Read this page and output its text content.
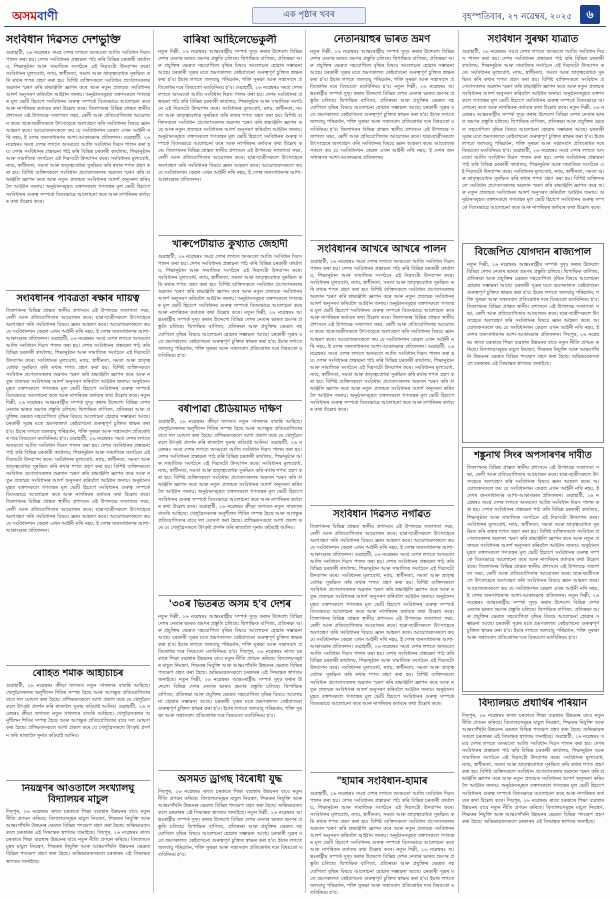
অসমবাণী	এক পৃষ্ঠাৰ খবৰ	বৃহস্পতিবাৰ, ২৭ নৱেম্বৰ, ২০২৫	৬
সংবিধান দিৱসত দেশভুক্তি
গুৱাহাটী, ২৬ নৱেম্বৰঃ সমগ্ৰ দেশৰ লগতে অসমতো আজি সংবিধান দিৱস পালন কৰা হয়। দেশৰ সংবিধানৰ প্ৰস্তাৱনা পাঠ কৰি বিভিন্ন চৰকাৰী কাৰ্যালয়, শিক্ষানুষ্ঠান আৰু সামাজিক সংগঠনে এই দিৱসটো উদযাপন কৰে। সংবিধানৰ মূল্যবোধ, ন্যায়, স্বাধীনতা, সমতা আৰু ভ্ৰাতৃত্ববোধক সুৰক্ষিত কৰি ৰখাৰ শপত গ্ৰহণ কৰা হয়। বিশিষ্ট ব্যক্তিসকলে সংবিধান প্ৰণেতাসকলৰ অৱদান স্মৰণ কৰি শ্ৰদ্ধাঞ্জলি জ্ঞাপন কৰে আৰু নতুন প্ৰজন্মক সংবিধানৰ আদৰ্শ অনুসৰণ কৰিবলৈ আহ্বান জনায়। অনুষ্ঠানসমূহত বক্তাসকলে গণতন্ত্ৰৰ মূল ভেটি হিচাপে সংবিধানৰ গুৰুত্ব সম্পৰ্কে বিতংভাৱে আলোচনা কৰে আৰু নাগৰিকৰ কৰ্তব্যৰ কথা উল্লেখ কৰে। জিলাখনৰ বিভিন্ন প্ৰান্তত স্থানীয় প্ৰশাসনে এই উপলক্ষে সজাগতা সভা, ৰেলী আৰু প্ৰতিযোগিতাৰ আয়োজন কৰে। ছাত্ৰ-ছাত্ৰীসকলে উৎসাহেৰে অংশগ্ৰহণ কৰি সংবিধানৰ বিষয়ে জ্ঞান আহৰণ কৰে। আয়োজকসকলে কয় যে সংবিধানখন কেৱল এখন আইনী নথি নহয়, ই দেশৰ জনসাধাৰণৰ আশা-আকাংক্ষাৰ প্ৰতিফলন। গুৱাহাটী, ২৬ নৱেম্বৰঃ সমগ্ৰ দেশৰ লগতে অসমতো আজি সংবিধান দিৱস পালন কৰা হয়। দেশৰ সংবিধানৰ প্ৰস্তাৱনা পাঠ কৰি বিভিন্ন চৰকাৰী কাৰ্যালয়, শিক্ষানুষ্ঠান আৰু সামাজিক সংগঠনে এই দিৱসটো উদযাপন কৰে। সংবিধানৰ মূল্যবোধ, ন্যায়, স্বাধীনতা, সমতা আৰু ভ্ৰাতৃত্ববোধক সুৰক্ষিত কৰি ৰখাৰ শপত গ্ৰহণ কৰা হয়। বিশিষ্ট ব্যক্তিসকলে সংবিধান প্ৰণেতাসকলৰ অৱদান স্মৰণ কৰি শ্ৰদ্ধাঞ্জলি জ্ঞাপন কৰে আৰু নতুন প্ৰজন্মক সংবিধানৰ আদৰ্শ অনুসৰণ কৰিবলৈ আহ্বান জনায়। অনুষ্ঠানসমূহত বক্তাসকলে গণতন্ত্ৰৰ মূল ভেটি হিচাপে সংবিধানৰ গুৰুত্ব সম্পৰ্কে বিতংভাৱে আলোচনা কৰে আৰু নাগৰিকৰ কৰ্তব্যৰ কথা উল্লেখ কৰে।
সংবিধানৰ পবিত্ৰতা ৰক্ষাৰ দায়িত্ব
জিলাখনৰ বিভিন্ন প্ৰান্তত স্থানীয় প্ৰশাসনে এই উপলক্ষে সজাগতা সভা, ৰেলী আৰু প্ৰতিযোগিতাৰ আয়োজন কৰে। ছাত্ৰ-ছাত্ৰীসকলে উৎসাহেৰে অংশগ্ৰহণ কৰি সংবিধানৰ বিষয়ে জ্ঞান আহৰণ কৰে। আয়োজকসকলে কয় যে সংবিধানখন কেৱল এখন আইনী নথি নহয়, ই দেশৰ জনসাধাৰণৰ আশা-আকাংক্ষাৰ প্ৰতিফলন। গুৱাহাটী, ২৬ নৱেম্বৰঃ সমগ্ৰ দেশৰ লগতে অসমতো আজি সংবিধান দিৱস পালন কৰা হয়। দেশৰ সংবিধানৰ প্ৰস্তাৱনা পাঠ কৰি বিভিন্ন চৰকাৰী কাৰ্যালয়, শিক্ষানুষ্ঠান আৰু সামাজিক সংগঠনে এই দিৱসটো উদযাপন কৰে। সংবিধানৰ মূল্যবোধ, ন্যায়, স্বাধীনতা, সমতা আৰু ভ্ৰাতৃত্ববোধক সুৰক্ষিত কৰি ৰখাৰ শপত গ্ৰহণ কৰা হয়। বিশিষ্ট ব্যক্তিসকলে সংবিধান প্ৰণেতাসকলৰ অৱদান স্মৰণ কৰি শ্ৰদ্ধাঞ্জলি জ্ঞাপন কৰে আৰু নতুন প্ৰজন্মক সংবিধানৰ আদৰ্শ অনুসৰণ কৰিবলৈ আহ্বান জনায়। অনুষ্ঠানসমূহত বক্তাসকলে গণতন্ত্ৰৰ মূল ভেটি হিচাপে সংবিধানৰ গুৰুত্ব সম্পৰ্কে বিতংভাৱে আলোচনা কৰে আৰু নাগৰিকৰ কৰ্তব্যৰ কথা উল্লেখ কৰে। নতুন দিল্লী, ২৬ নৱেম্বৰঃ আন্তঃৰাষ্ট্ৰীয় সম্পৰ্ক সুদৃঢ় কৰাৰ উদ্দেশ্যে বিভিন্ন দেশৰ নেতাৰ ভাৰত ভ্ৰমণৰ প্ৰস্তুতি চলিছে। দ্বিপাক্ষিক বাণিজ্য, প্ৰতিৰক্ষা আৰু প্ৰযুক্তিৰ ক্ষেত্ৰত সহযোগিতা বৃদ্ধিৰ বিষয়ে আলোচনা হোৱাৰ সম্ভাৱনা আছে। চৰকাৰী সূত্ৰৰ মতে ভ্ৰমণকালত কেইবাখনো গুৰুত্বপূৰ্ণ চুক্তিত স্বাক্ষৰ কৰা হ'ব। ইয়াৰ লগতে জলবায়ু পৰিৱৰ্তন, শক্তি সুৰক্ষা আৰু সন্ত্ৰাসবাদ প্ৰতিৰোধৰ দৰে বিষয়তো মতবিনিময় হ'ব। গুৱাহাটী, ২৬ নৱেম্বৰঃ সমগ্ৰ দেশৰ লগতে অসমতো আজি সংবিধান দিৱস পালন কৰা হয়। দেশৰ সংবিধানৰ প্ৰস্তাৱনা পাঠ কৰি বিভিন্ন চৰকাৰী কাৰ্যালয়, শিক্ষানুষ্ঠান আৰু সামাজিক সংগঠনে এই দিৱসটো উদযাপন কৰে। সংবিধানৰ মূল্যবোধ, ন্যায়, স্বাধীনতা, সমতা আৰু ভ্ৰাতৃত্ববোধক সুৰক্ষিত কৰি ৰখাৰ শপত গ্ৰহণ কৰা হয়। বিশিষ্ট ব্যক্তিসকলে সংবিধান প্ৰণেতাসকলৰ অৱদান স্মৰণ কৰি শ্ৰদ্ধাঞ্জলি জ্ঞাপন কৰে আৰু নতুন প্ৰজন্মক সংবিধানৰ আদৰ্শ অনুসৰণ কৰিবলৈ আহ্বান জনায়। অনুষ্ঠানসমূহত বক্তাসকলে গণতন্ত্ৰৰ মূল ভেটি হিচাপে সংবিধানৰ গুৰুত্ব সম্পৰ্কে বিতংভাৱে আলোচনা কৰে আৰু নাগৰিকৰ কৰ্তব্যৰ কথা উল্লেখ কৰে। জিলাখনৰ বিভিন্ন প্ৰান্তত স্থানীয় প্ৰশাসনে এই উপলক্ষে সজাগতা সভা, ৰেলী আৰু প্ৰতিযোগিতাৰ আয়োজন কৰে। ছাত্ৰ-ছাত্ৰীসকলে উৎসাহেৰে অংশগ্ৰহণ কৰি সংবিধানৰ বিষয়ে জ্ঞান আহৰণ কৰে। আয়োজকসকলে কয় যে সংবিধানখন কেৱল এখন আইনী নথি নহয়, ই দেশৰ জনসাধাৰণৰ আশা-আকাংক্ষাৰ প্ৰতিফলন।
ৰোহিত শৰ্মাক আইচিচিৰ
গুৱাহাটী, ২৬ নৱেম্বৰঃ ক্ৰীড়া জগতত নতুন সাফল্যৰ বাতৰি আহিছে। খেলুৱৈসকলৰ অনুশীলন শিবিৰ সম্পন্ন হৈছে আৰু আগন্তুক প্ৰতিযোগিতাৰ বাবে দল ঘোষণা কৰা হৈছে। প্ৰশিক্ষকসকলে আশা প্ৰকাশ কৰে যে খেলুৱৈসকলে উৎকৃষ্ট প্ৰদৰ্শন কৰি ৰাজ্যলৈ সুনাম কঢ়িয়াই আনিব। গুৱাহাটী, ২৬ নৱেম্বৰঃ ক্ৰীড়া জগতত নতুন সাফল্যৰ বাতৰি আহিছে। খেলুৱৈসকলৰ অনুশীলন শিবিৰ সম্পন্ন হৈছে আৰু আগন্তুক প্ৰতিযোগিতাৰ বাবে দল ঘোষণা কৰা হৈছে। প্ৰশিক্ষকসকলে আশা প্ৰকাশ কৰে যে খেলুৱৈসকলে উৎকৃষ্ট প্ৰদৰ্শন কৰি ৰাজ্যলৈ সুনাম কঢ়িয়াই আনিব।
নিয়ন্ত্ৰণৰ আওতালৈ সংখ্যালঘু বিদ্যালয়ৰ মাচুল
দিছপুৰ, ২৬ নৱেম্বৰঃ ৰাজ্য চৰকাৰে শিক্ষা ব্যৱস্থাৰ উন্নয়নৰ বাবে নতুন নীতি প্ৰণয়ন কৰিছে। বিদ্যালয়সমূহৰ মাচুল নিয়ন্ত্ৰণ, শিক্ষকৰ নিযুক্তি আৰু আন্তঃগাঁথনি উন্নয়নৰ ক্ষেত্ৰত বিভিন্ন পদক্ষেপ গ্ৰহণ কৰা হৈছে। অভিভাৱকসকলে চৰকাৰৰ এই সিদ্ধান্তক স্বাগতম জনাইছে। দিছপুৰ, ২৬ নৱেম্বৰঃ ৰাজ্য চৰকাৰে শিক্ষা ব্যৱস্থাৰ উন্নয়নৰ বাবে নতুন নীতি প্ৰণয়ন কৰিছে। বিদ্যালয়সমূহৰ মাচুল নিয়ন্ত্ৰণ, শিক্ষকৰ নিযুক্তি আৰু আন্তঃগাঁথনি উন্নয়নৰ ক্ষেত্ৰত বিভিন্ন পদক্ষেপ গ্ৰহণ কৰা হৈছে। অভিভাৱকসকলে চৰকাৰৰ এই সিদ্ধান্তক স্বাগতম জনাইছে।
বাৰিষা আহিলেভেকুলী
নতুন দিল্লী, ২৬ নৱেম্বৰঃ আন্তঃৰাষ্ট্ৰীয় সম্পৰ্ক সুদৃঢ় কৰাৰ উদ্দেশ্যে বিভিন্ন দেশৰ নেতাৰ ভাৰত ভ্ৰমণৰ প্ৰস্তুতি চলিছে। দ্বিপাক্ষিক বাণিজ্য, প্ৰতিৰক্ষা আৰু প্ৰযুক্তিৰ ক্ষেত্ৰত সহযোগিতা বৃদ্ধিৰ বিষয়ে আলোচনা হোৱাৰ সম্ভাৱনা আছে। চৰকাৰী সূত্ৰৰ মতে ভ্ৰমণকালত কেইবাখনো গুৰুত্বপূৰ্ণ চুক্তিত স্বাক্ষৰ কৰা হ'ব। ইয়াৰ লগতে জলবায়ু পৰিৱৰ্তন, শক্তি সুৰক্ষা আৰু সন্ত্ৰাসবাদ প্ৰতিৰোধৰ দৰে বিষয়তো মতবিনিময় হ'ব। গুৱাহাটী, ২৬ নৱেম্বৰঃ সমগ্ৰ দেশৰ লগতে অসমতো আজি সংবিধান দিৱস পালন কৰা হয়। দেশৰ সংবিধানৰ প্ৰস্তাৱনা পাঠ কৰি বিভিন্ন চৰকাৰী কাৰ্যালয়, শিক্ষানুষ্ঠান আৰু সামাজিক সংগঠনে এই দিৱসটো উদযাপন কৰে। সংবিধানৰ মূল্যবোধ, ন্যায়, স্বাধীনতা, সমতা আৰু ভ্ৰাতৃত্ববোধক সুৰক্ষিত কৰি ৰখাৰ শপত গ্ৰহণ কৰা হয়। বিশিষ্ট ব্যক্তিসকলে সংবিধান প্ৰণেতাসকলৰ অৱদান স্মৰণ কৰি শ্ৰদ্ধাঞ্জলি জ্ঞাপন কৰে আৰু নতুন প্ৰজন্মক সংবিধানৰ আদৰ্শ অনুসৰণ কৰিবলৈ আহ্বান জনায়। অনুষ্ঠানসমূহত বক্তাসকলে গণতন্ত্ৰৰ মূল ভেটি হিচাপে সংবিধানৰ গুৰুত্ব সম্পৰ্কে বিতংভাৱে আলোচনা কৰে আৰু নাগৰিকৰ কৰ্তব্যৰ কথা উল্লেখ কৰে। জিলাখনৰ বিভিন্ন প্ৰান্তত স্থানীয় প্ৰশাসনে এই উপলক্ষে সজাগতা সভা, ৰেলী আৰু প্ৰতিযোগিতাৰ আয়োজন কৰে। ছাত্ৰ-ছাত্ৰীসকলে উৎসাহেৰে অংশগ্ৰহণ কৰি সংবিধানৰ বিষয়ে জ্ঞান আহৰণ কৰে। আয়োজকসকলে কয় যে সংবিধানখন কেৱল এখন আইনী নথি নহয়, ই দেশৰ জনসাধাৰণৰ আশা-আকাংক্ষাৰ প্ৰতিফলন।
খাৰুপেটীয়াত কুখ্যাত জেহাদী
গুৱাহাটী, ২৬ নৱেম্বৰঃ সমগ্ৰ দেশৰ লগতে অসমতো আজি সংবিধান দিৱস পালন কৰা হয়। দেশৰ সংবিধানৰ প্ৰস্তাৱনা পাঠ কৰি বিভিন্ন চৰকাৰী কাৰ্যালয়, শিক্ষানুষ্ঠান আৰু সামাজিক সংগঠনে এই দিৱসটো উদযাপন কৰে। সংবিধানৰ মূল্যবোধ, ন্যায়, স্বাধীনতা, সমতা আৰু ভ্ৰাতৃত্ববোধক সুৰক্ষিত কৰি ৰখাৰ শপত গ্ৰহণ কৰা হয়। বিশিষ্ট ব্যক্তিসকলে সংবিধান প্ৰণেতাসকলৰ অৱদান স্মৰণ কৰি শ্ৰদ্ধাঞ্জলি জ্ঞাপন কৰে আৰু নতুন প্ৰজন্মক সংবিধানৰ আদৰ্শ অনুসৰণ কৰিবলৈ আহ্বান জনায়। অনুষ্ঠানসমূহত বক্তাসকলে গণতন্ত্ৰৰ মূল ভেটি হিচাপে সংবিধানৰ গুৰুত্ব সম্পৰ্কে বিতংভাৱে আলোচনা কৰে আৰু নাগৰিকৰ কৰ্তব্যৰ কথা উল্লেখ কৰে। নতুন দিল্লী, ২৬ নৱেম্বৰঃ আন্তঃৰাষ্ট্ৰীয় সম্পৰ্ক সুদৃঢ় কৰাৰ উদ্দেশ্যে বিভিন্ন দেশৰ নেতাৰ ভাৰত ভ্ৰমণৰ প্ৰস্তুতি চলিছে। দ্বিপাক্ষিক বাণিজ্য, প্ৰতিৰক্ষা আৰু প্ৰযুক্তিৰ ক্ষেত্ৰত সহযোগিতা বৃদ্ধিৰ বিষয়ে আলোচনা হোৱাৰ সম্ভাৱনা আছে। চৰকাৰী সূত্ৰৰ মতে ভ্ৰমণকালত কেইবাখনো গুৰুত্বপূৰ্ণ চুক্তিত স্বাক্ষৰ কৰা হ'ব। ইয়াৰ লগতে জলবায়ু পৰিৱৰ্তন, শক্তি সুৰক্ষা আৰু সন্ত্ৰাসবাদ প্ৰতিৰোধৰ দৰে বিষয়তো মতবিনিময় হ'ব।
বৰ্ষাপাৱা ষ্টেডিয়ামত দক্ষিণ
গুৱাহাটী, ২৬ নৱেম্বৰঃ ক্ৰীড়া জগতত নতুন সাফল্যৰ বাতৰি আহিছে। খেলুৱৈসকলৰ অনুশীলন শিবিৰ সম্পন্ন হৈছে আৰু আগন্তুক প্ৰতিযোগিতাৰ বাবে দল ঘোষণা কৰা হৈছে। প্ৰশিক্ষকসকলে আশা প্ৰকাশ কৰে যে খেলুৱৈসকলে উৎকৃষ্ট প্ৰদৰ্শন কৰি ৰাজ্যলৈ সুনাম কঢ়িয়াই আনিব। গুৱাহাটী, ২৬ নৱেম্বৰঃ সমগ্ৰ দেশৰ লগতে অসমতো আজি সংবিধান দিৱস পালন কৰা হয়। দেশৰ সংবিধানৰ প্ৰস্তাৱনা পাঠ কৰি বিভিন্ন চৰকাৰী কাৰ্যালয়, শিক্ষানুষ্ঠান আৰু সামাজিক সংগঠনে এই দিৱসটো উদযাপন কৰে। সংবিধানৰ মূল্যবোধ, ন্যায়, স্বাধীনতা, সমতা আৰু ভ্ৰাতৃত্ববোধক সুৰক্ষিত কৰি ৰখাৰ শপত গ্ৰহণ কৰা হয়। বিশিষ্ট ব্যক্তিসকলে সংবিধান প্ৰণেতাসকলৰ অৱদান স্মৰণ কৰি শ্ৰদ্ধাঞ্জলি জ্ঞাপন কৰে আৰু নতুন প্ৰজন্মক সংবিধানৰ আদৰ্শ অনুসৰণ কৰিবলৈ আহ্বান জনায়। অনুষ্ঠানসমূহত বক্তাসকলে গণতন্ত্ৰৰ মূল ভেটি হিচাপে সংবিধানৰ গুৰুত্ব সম্পৰ্কে বিতংভাৱে আলোচনা কৰে আৰু নাগৰিকৰ কৰ্তব্যৰ কথা উল্লেখ কৰে। গুৱাহাটী, ২৬ নৱেম্বৰঃ ক্ৰীড়া জগতত নতুন সাফল্যৰ বাতৰি আহিছে। খেলুৱৈসকলৰ অনুশীলন শিবিৰ সম্পন্ন হৈছে আৰু আগন্তুক প্ৰতিযোগিতাৰ বাবে দল ঘোষণা কৰা হৈছে। প্ৰশিক্ষকসকলে আশা প্ৰকাশ কৰে যে খেলুৱৈসকলে উৎকৃষ্ট প্ৰদৰ্শন কৰি ৰাজ্যলৈ সুনাম কঢ়িয়াই আনিব।
'৩০ৰ ভিতৰত অসম হ'ব দেশৰ
নতুন দিল্লী, ২৬ নৱেম্বৰঃ আন্তঃৰাষ্ট্ৰীয় সম্পৰ্ক সুদৃঢ় কৰাৰ উদ্দেশ্যে বিভিন্ন দেশৰ নেতাৰ ভাৰত ভ্ৰমণৰ প্ৰস্তুতি চলিছে। দ্বিপাক্ষিক বাণিজ্য, প্ৰতিৰক্ষা আৰু প্ৰযুক্তিৰ ক্ষেত্ৰত সহযোগিতা বৃদ্ধিৰ বিষয়ে আলোচনা হোৱাৰ সম্ভাৱনা আছে। চৰকাৰী সূত্ৰৰ মতে ভ্ৰমণকালত কেইবাখনো গুৰুত্বপূৰ্ণ চুক্তিত স্বাক্ষৰ কৰা হ'ব। ইয়াৰ লগতে জলবায়ু পৰিৱৰ্তন, শক্তি সুৰক্ষা আৰু সন্ত্ৰাসবাদ প্ৰতিৰোধৰ দৰে বিষয়তো মতবিনিময় হ'ব। দিছপুৰ, ২৬ নৱেম্বৰঃ ৰাজ্য চৰকাৰে শিক্ষা ব্যৱস্থাৰ উন্নয়নৰ বাবে নতুন নীতি প্ৰণয়ন কৰিছে। বিদ্যালয়সমূহৰ মাচুল নিয়ন্ত্ৰণ, শিক্ষকৰ নিযুক্তি আৰু আন্তঃগাঁথনি উন্নয়নৰ ক্ষেত্ৰত বিভিন্ন পদক্ষেপ গ্ৰহণ কৰা হৈছে। অভিভাৱকসকলে চৰকাৰৰ এই সিদ্ধান্তক স্বাগতম জনাইছে। নতুন দিল্লী, ২৬ নৱেম্বৰঃ আন্তঃৰাষ্ট্ৰীয় সম্পৰ্ক সুদৃঢ় কৰাৰ উদ্দেশ্যে বিভিন্ন দেশৰ নেতাৰ ভাৰত ভ্ৰমণৰ প্ৰস্তুতি চলিছে। দ্বিপাক্ষিক বাণিজ্য, প্ৰতিৰক্ষা আৰু প্ৰযুক্তিৰ ক্ষেত্ৰত সহযোগিতা বৃদ্ধিৰ বিষয়ে আলোচনা হোৱাৰ সম্ভাৱনা আছে। চৰকাৰী সূত্ৰৰ মতে ভ্ৰমণকালত কেইবাখনো গুৰুত্বপূৰ্ণ চুক্তিত স্বাক্ষৰ কৰা হ'ব। ইয়াৰ লগতে জলবায়ু পৰিৱৰ্তন, শক্তি সুৰক্ষা আৰু সন্ত্ৰাসবাদ প্ৰতিৰোধৰ দৰে বিষয়তো মতবিনিময় হ'ব।
অসমত ড্ৰাগছ বিৰোধী যুদ্ধ
দিছপুৰ, ২৬ নৱেম্বৰঃ ৰাজ্য চৰকাৰে শিক্ষা ব্যৱস্থাৰ উন্নয়নৰ বাবে নতুন নীতি প্ৰণয়ন কৰিছে। বিদ্যালয়সমূহৰ মাচুল নিয়ন্ত্ৰণ, শিক্ষকৰ নিযুক্তি আৰু আন্তঃগাঁথনি উন্নয়নৰ ক্ষেত্ৰত বিভিন্ন পদক্ষেপ গ্ৰহণ কৰা হৈছে। অভিভাৱকসকলে চৰকাৰৰ এই সিদ্ধান্তক স্বাগতম জনাইছে। নতুন দিল্লী, ২৬ নৱেম্বৰঃ আন্তঃৰাষ্ট্ৰীয় সম্পৰ্ক সুদৃঢ় কৰাৰ উদ্দেশ্যে বিভিন্ন দেশৰ নেতাৰ ভাৰত ভ্ৰমণৰ প্ৰস্তুতি চলিছে। দ্বিপাক্ষিক বাণিজ্য, প্ৰতিৰক্ষা আৰু প্ৰযুক্তিৰ ক্ষেত্ৰত সহযোগিতা বৃদ্ধিৰ বিষয়ে আলোচনা হোৱাৰ সম্ভাৱনা আছে। চৰকাৰী সূত্ৰৰ মতে ভ্ৰমণকালত কেইবাখনো গুৰুত্বপূৰ্ণ চুক্তিত স্বাক্ষৰ কৰা হ'ব। ইয়াৰ লগতে জলবায়ু পৰিৱৰ্তন, শক্তি সুৰক্ষা আৰু সন্ত্ৰাসবাদ প্ৰতিৰোধৰ দৰে বিষয়তো মতবিনিময় হ'ব।
নেতানয়াহুৰ ভাৰত ভ্ৰমণ
নতুন দিল্লী, ২৬ নৱেম্বৰঃ আন্তঃৰাষ্ট্ৰীয় সম্পৰ্ক সুদৃঢ় কৰাৰ উদ্দেশ্যে বিভিন্ন দেশৰ নেতাৰ ভাৰত ভ্ৰমণৰ প্ৰস্তুতি চলিছে। দ্বিপাক্ষিক বাণিজ্য, প্ৰতিৰক্ষা আৰু প্ৰযুক্তিৰ ক্ষেত্ৰত সহযোগিতা বৃদ্ধিৰ বিষয়ে আলোচনা হোৱাৰ সম্ভাৱনা আছে। চৰকাৰী সূত্ৰৰ মতে ভ্ৰমণকালত কেইবাখনো গুৰুত্বপূৰ্ণ চুক্তিত স্বাক্ষৰ কৰা হ'ব। ইয়াৰ লগতে জলবায়ু পৰিৱৰ্তন, শক্তি সুৰক্ষা আৰু সন্ত্ৰাসবাদ প্ৰতিৰোধৰ দৰে বিষয়তো মতবিনিময় হ'ব। নতুন দিল্লী, ২৬ নৱেম্বৰঃ আন্তঃৰাষ্ট্ৰীয় সম্পৰ্ক সুদৃঢ় কৰাৰ উদ্দেশ্যে বিভিন্ন দেশৰ নেতাৰ ভাৰত ভ্ৰমণৰ প্ৰস্তুতি চলিছে। দ্বিপাক্ষিক বাণিজ্য, প্ৰতিৰক্ষা আৰু প্ৰযুক্তিৰ ক্ষেত্ৰত সহযোগিতা বৃদ্ধিৰ বিষয়ে আলোচনা হোৱাৰ সম্ভাৱনা আছে। চৰকাৰী সূত্ৰৰ মতে ভ্ৰমণকালত কেইবাখনো গুৰুত্বপূৰ্ণ চুক্তিত স্বাক্ষৰ কৰা হ'ব। ইয়াৰ লগতে জলবায়ু পৰিৱৰ্তন, শক্তি সুৰক্ষা আৰু সন্ত্ৰাসবাদ প্ৰতিৰোধৰ দৰে বিষয়তো মতবিনিময় হ'ব। জিলাখনৰ বিভিন্ন প্ৰান্তত স্থানীয় প্ৰশাসনে এই উপলক্ষে সজাগতা সভা, ৰেলী আৰু প্ৰতিযোগিতাৰ আয়োজন কৰে। ছাত্ৰ-ছাত্ৰীসকলে উৎসাহেৰে অংশগ্ৰহণ কৰি সংবিধানৰ বিষয়ে জ্ঞান আহৰণ কৰে। আয়োজকসকলে কয় যে সংবিধানখন কেৱল এখন আইনী নথি নহয়, ই দেশৰ জনসাধাৰণৰ আশা-আকাংক্ষাৰ প্ৰতিফলন।
সংবিধানৰ আখৰে আখৰে পালন
গুৱাহাটী, ২৬ নৱেম্বৰঃ সমগ্ৰ দেশৰ লগতে অসমতো আজি সংবিধান দিৱস পালন কৰা হয়। দেশৰ সংবিধানৰ প্ৰস্তাৱনা পাঠ কৰি বিভিন্ন চৰকাৰী কাৰ্যালয়, শিক্ষানুষ্ঠান আৰু সামাজিক সংগঠনে এই দিৱসটো উদযাপন কৰে। সংবিধানৰ মূল্যবোধ, ন্যায়, স্বাধীনতা, সমতা আৰু ভ্ৰাতৃত্ববোধক সুৰক্ষিত কৰি ৰখাৰ শপত গ্ৰহণ কৰা হয়। বিশিষ্ট ব্যক্তিসকলে সংবিধান প্ৰণেতাসকলৰ অৱদান স্মৰণ কৰি শ্ৰদ্ধাঞ্জলি জ্ঞাপন কৰে আৰু নতুন প্ৰজন্মক সংবিধানৰ আদৰ্শ অনুসৰণ কৰিবলৈ আহ্বান জনায়। অনুষ্ঠানসমূহত বক্তাসকলে গণতন্ত্ৰৰ মূল ভেটি হিচাপে সংবিধানৰ গুৰুত্ব সম্পৰ্কে বিতংভাৱে আলোচনা কৰে আৰু নাগৰিকৰ কৰ্তব্যৰ কথা উল্লেখ কৰে। জিলাখনৰ বিভিন্ন প্ৰান্তত স্থানীয় প্ৰশাসনে এই উপলক্ষে সজাগতা সভা, ৰেলী আৰু প্ৰতিযোগিতাৰ আয়োজন কৰে। ছাত্ৰ-ছাত্ৰীসকলে উৎসাহেৰে অংশগ্ৰহণ কৰি সংবিধানৰ বিষয়ে জ্ঞান আহৰণ কৰে। আয়োজকসকলে কয় যে সংবিধানখন কেৱল এখন আইনী নথি নহয়, ই দেশৰ জনসাধাৰণৰ আশা-আকাংক্ষাৰ প্ৰতিফলন। গুৱাহাটী, ২৬ নৱেম্বৰঃ সমগ্ৰ দেশৰ লগতে অসমতো আজি সংবিধান দিৱস পালন কৰা হয়। দেশৰ সংবিধানৰ প্ৰস্তাৱনা পাঠ কৰি বিভিন্ন চৰকাৰী কাৰ্যালয়, শিক্ষানুষ্ঠান আৰু সামাজিক সংগঠনে এই দিৱসটো উদযাপন কৰে। সংবিধানৰ মূল্যবোধ, ন্যায়, স্বাধীনতা, সমতা আৰু ভ্ৰাতৃত্ববোধক সুৰক্ষিত কৰি ৰখাৰ শপত গ্ৰহণ কৰা হয়। বিশিষ্ট ব্যক্তিসকলে সংবিধান প্ৰণেতাসকলৰ অৱদান স্মৰণ কৰি শ্ৰদ্ধাঞ্জলি জ্ঞাপন কৰে আৰু নতুন প্ৰজন্মক সংবিধানৰ আদৰ্শ অনুসৰণ কৰিবলৈ আহ্বান জনায়। অনুষ্ঠানসমূহত বক্তাসকলে গণতন্ত্ৰৰ মূল ভেটি হিচাপে সংবিধানৰ গুৰুত্ব সম্পৰ্কে বিতংভাৱে আলোচনা কৰে আৰু নাগৰিকৰ কৰ্তব্যৰ কথা উল্লেখ কৰে।
সংবিধান দিৱসত নগাঁৱত
জিলাখনৰ বিভিন্ন প্ৰান্তত স্থানীয় প্ৰশাসনে এই উপলক্ষে সজাগতা সভা, ৰেলী আৰু প্ৰতিযোগিতাৰ আয়োজন কৰে। ছাত্ৰ-ছাত্ৰীসকলে উৎসাহেৰে অংশগ্ৰহণ কৰি সংবিধানৰ বিষয়ে জ্ঞান আহৰণ কৰে। আয়োজকসকলে কয় যে সংবিধানখন কেৱল এখন আইনী নথি নহয়, ই দেশৰ জনসাধাৰণৰ আশা-আকাংক্ষাৰ প্ৰতিফলন। গুৱাহাটী, ২৬ নৱেম্বৰঃ সমগ্ৰ দেশৰ লগতে অসমতো আজি সংবিধান দিৱস পালন কৰা হয়। দেশৰ সংবিধানৰ প্ৰস্তাৱনা পাঠ কৰি বিভিন্ন চৰকাৰী কাৰ্যালয়, শিক্ষানুষ্ঠান আৰু সামাজিক সংগঠনে এই দিৱসটো উদযাপন কৰে। সংবিধানৰ মূল্যবোধ, ন্যায়, স্বাধীনতা, সমতা আৰু ভ্ৰাতৃত্ববোধক সুৰক্ষিত কৰি ৰখাৰ শপত গ্ৰহণ কৰা হয়। বিশিষ্ট ব্যক্তিসকলে সংবিধান প্ৰণেতাসকলৰ অৱদান স্মৰণ কৰি শ্ৰদ্ধাঞ্জলি জ্ঞাপন কৰে আৰু নতুন প্ৰজন্মক সংবিধানৰ আদৰ্শ অনুসৰণ কৰিবলৈ আহ্বান জনায়। অনুষ্ঠানসমূহত বক্তাসকলে গণতন্ত্ৰৰ মূল ভেটি হিচাপে সংবিধানৰ গুৰুত্ব সম্পৰ্কে বিতংভাৱে আলোচনা কৰে আৰু নাগৰিকৰ কৰ্তব্যৰ কথা উল্লেখ কৰে। জিলাখনৰ বিভিন্ন প্ৰান্তত স্থানীয় প্ৰশাসনে এই উপলক্ষে সজাগতা সভা, ৰেলী আৰু প্ৰতিযোগিতাৰ আয়োজন কৰে। ছাত্ৰ-ছাত্ৰীসকলে উৎসাহেৰে অংশগ্ৰহণ কৰি সংবিধানৰ বিষয়ে জ্ঞান আহৰণ কৰে। আয়োজকসকলে কয় যে সংবিধানখন কেৱল এখন আইনী নথি নহয়, ই দেশৰ জনসাধাৰণৰ আশা-আকাংক্ষাৰ প্ৰতিফলন। গুৱাহাটী, ২৬ নৱেম্বৰঃ সমগ্ৰ দেশৰ লগতে অসমতো আজি সংবিধান দিৱস পালন কৰা হয়। দেশৰ সংবিধানৰ প্ৰস্তাৱনা পাঠ কৰি বিভিন্ন চৰকাৰী কাৰ্যালয়, শিক্ষানুষ্ঠান আৰু সামাজিক সংগঠনে এই দিৱসটো উদযাপন কৰে। সংবিধানৰ মূল্যবোধ, ন্যায়, স্বাধীনতা, সমতা আৰু ভ্ৰাতৃত্ববোধক সুৰক্ষিত কৰি ৰখাৰ শপত গ্ৰহণ কৰা হয়। বিশিষ্ট ব্যক্তিসকলে সংবিধান প্ৰণেতাসকলৰ অৱদান স্মৰণ কৰি শ্ৰদ্ধাঞ্জলি জ্ঞাপন কৰে আৰু নতুন প্ৰজন্মক সংবিধানৰ আদৰ্শ অনুসৰণ কৰিবলৈ আহ্বান জনায়। অনুষ্ঠানসমূহত বক্তাসকলে গণতন্ত্ৰৰ মূল ভেটি হিচাপে সংবিধানৰ গুৰুত্ব সম্পৰ্কে বিতংভাৱে আলোচনা কৰে আৰু নাগৰিকৰ কৰ্তব্যৰ কথা উল্লেখ কৰে।
"হামাৰ সংবিধান-হামাৰ
গুৱাহাটী, ২৬ নৱেম্বৰঃ সমগ্ৰ দেশৰ লগতে অসমতো আজি সংবিধান দিৱস পালন কৰা হয়। দেশৰ সংবিধানৰ প্ৰস্তাৱনা পাঠ কৰি বিভিন্ন চৰকাৰী কাৰ্যালয়, শিক্ষানুষ্ঠান আৰু সামাজিক সংগঠনে এই দিৱসটো উদযাপন কৰে। সংবিধানৰ মূল্যবোধ, ন্যায়, স্বাধীনতা, সমতা আৰু ভ্ৰাতৃত্ববোধক সুৰক্ষিত কৰি ৰখাৰ শপত গ্ৰহণ কৰা হয়। বিশিষ্ট ব্যক্তিসকলে সংবিধান প্ৰণেতাসকলৰ অৱদান স্মৰণ কৰি শ্ৰদ্ধাঞ্জলি জ্ঞাপন কৰে আৰু নতুন প্ৰজন্মক সংবিধানৰ আদৰ্শ অনুসৰণ কৰিবলৈ আহ্বান জনায়। অনুষ্ঠানসমূহত বক্তাসকলে গণতন্ত্ৰৰ মূল ভেটি হিচাপে সংবিধানৰ গুৰুত্ব সম্পৰ্কে বিতংভাৱে আলোচনা কৰে আৰু নাগৰিকৰ কৰ্তব্যৰ কথা উল্লেখ কৰে। নতুন দিল্লী, ২৬ নৱেম্বৰঃ আন্তঃৰাষ্ট্ৰীয় সম্পৰ্ক সুদৃঢ় কৰাৰ উদ্দেশ্যে বিভিন্ন দেশৰ নেতাৰ ভাৰত ভ্ৰমণৰ প্ৰস্তুতি চলিছে। দ্বিপাক্ষিক বাণিজ্য, প্ৰতিৰক্ষা আৰু প্ৰযুক্তিৰ ক্ষেত্ৰত সহযোগিতা বৃদ্ধিৰ বিষয়ে আলোচনা হোৱাৰ সম্ভাৱনা আছে। চৰকাৰী সূত্ৰৰ মতে ভ্ৰমণকালত কেইবাখনো গুৰুত্বপূৰ্ণ চুক্তিত স্বাক্ষৰ কৰা হ'ব। ইয়াৰ লগতে জলবায়ু পৰিৱৰ্তন, শক্তি সুৰক্ষা আৰু সন্ত্ৰাসবাদ প্ৰতিৰোধৰ দৰে বিষয়তো মতবিনিময় হ'ব।
সংবিধান সুৰক্ষা যাত্ৰাত
গুৱাহাটী, ২৬ নৱেম্বৰঃ সমগ্ৰ দেশৰ লগতে অসমতো আজি সংবিধান দিৱস পালন কৰা হয়। দেশৰ সংবিধানৰ প্ৰস্তাৱনা পাঠ কৰি বিভিন্ন চৰকাৰী কাৰ্যালয়, শিক্ষানুষ্ঠান আৰু সামাজিক সংগঠনে এই দিৱসটো উদযাপন কৰে। সংবিধানৰ মূল্যবোধ, ন্যায়, স্বাধীনতা, সমতা আৰু ভ্ৰাতৃত্ববোধক সুৰক্ষিত কৰি ৰখাৰ শপত গ্ৰহণ কৰা হয়। বিশিষ্ট ব্যক্তিসকলে সংবিধান প্ৰণেতাসকলৰ অৱদান স্মৰণ কৰি শ্ৰদ্ধাঞ্জলি জ্ঞাপন কৰে আৰু নতুন প্ৰজন্মক সংবিধানৰ আদৰ্শ অনুসৰণ কৰিবলৈ আহ্বান জনায়। অনুষ্ঠানসমূহত বক্তাসকলে গণতন্ত্ৰৰ মূল ভেটি হিচাপে সংবিধানৰ গুৰুত্ব সম্পৰ্কে বিতংভাৱে আলোচনা কৰে আৰু নাগৰিকৰ কৰ্তব্যৰ কথা উল্লেখ কৰে। নতুন দিল্লী, ২৬ নৱেম্বৰঃ আন্তঃৰাষ্ট্ৰীয় সম্পৰ্ক সুদৃঢ় কৰাৰ উদ্দেশ্যে বিভিন্ন দেশৰ নেতাৰ ভাৰত ভ্ৰমণৰ প্ৰস্তুতি চলিছে। দ্বিপাক্ষিক বাণিজ্য, প্ৰতিৰক্ষা আৰু প্ৰযুক্তিৰ ক্ষেত্ৰত সহযোগিতা বৃদ্ধিৰ বিষয়ে আলোচনা হোৱাৰ সম্ভাৱনা আছে। চৰকাৰী সূত্ৰৰ মতে ভ্ৰমণকালত কেইবাখনো গুৰুত্বপূৰ্ণ চুক্তিত স্বাক্ষৰ কৰা হ'ব। ইয়াৰ লগতে জলবায়ু পৰিৱৰ্তন, শক্তি সুৰক্ষা আৰু সন্ত্ৰাসবাদ প্ৰতিৰোধৰ দৰে বিষয়তো মতবিনিময় হ'ব। গুৱাহাটী, ২৬ নৱেম্বৰঃ সমগ্ৰ দেশৰ লগতে অসমতো আজি সংবিধান দিৱস পালন কৰা হয়। দেশৰ সংবিধানৰ প্ৰস্তাৱনা পাঠ কৰি বিভিন্ন চৰকাৰী কাৰ্যালয়, শিক্ষানুষ্ঠান আৰু সামাজিক সংগঠনে এই দিৱসটো উদযাপন কৰে। সংবিধানৰ মূল্যবোধ, ন্যায়, স্বাধীনতা, সমতা আৰু ভ্ৰাতৃত্ববোধক সুৰক্ষিত কৰি ৰখাৰ শপত গ্ৰহণ কৰা হয়। বিশিষ্ট ব্যক্তিসকলে সংবিধান প্ৰণেতাসকলৰ অৱদান স্মৰণ কৰি শ্ৰদ্ধাঞ্জলি জ্ঞাপন কৰে আৰু নতুন প্ৰজন্মক সংবিধানৰ আদৰ্শ অনুসৰণ কৰিবলৈ আহ্বান জনায়। অনুষ্ঠানসমূহত বক্তাসকলে গণতন্ত্ৰৰ মূল ভেটি হিচাপে সংবিধানৰ গুৰুত্ব সম্পৰ্কে বিতংভাৱে আলোচনা কৰে আৰু নাগৰিকৰ কৰ্তব্যৰ কথা উল্লেখ কৰে।
বিজেপিত যোগদান ৰাজ্যপাল
নতুন দিল্লী, ২৬ নৱেম্বৰঃ আন্তঃৰাষ্ট্ৰীয় সম্পৰ্ক সুদৃঢ় কৰাৰ উদ্দেশ্যে বিভিন্ন দেশৰ নেতাৰ ভাৰত ভ্ৰমণৰ প্ৰস্তুতি চলিছে। দ্বিপাক্ষিক বাণিজ্য, প্ৰতিৰক্ষা আৰু প্ৰযুক্তিৰ ক্ষেত্ৰত সহযোগিতা বৃদ্ধিৰ বিষয়ে আলোচনা হোৱাৰ সম্ভাৱনা আছে। চৰকাৰী সূত্ৰৰ মতে ভ্ৰমণকালত কেইবাখনো গুৰুত্বপূৰ্ণ চুক্তিত স্বাক্ষৰ কৰা হ'ব। ইয়াৰ লগতে জলবায়ু পৰিৱৰ্তন, শক্তি সুৰক্ষা আৰু সন্ত্ৰাসবাদ প্ৰতিৰোধৰ দৰে বিষয়তো মতবিনিময় হ'ব। জিলাখনৰ বিভিন্ন প্ৰান্তত স্থানীয় প্ৰশাসনে এই উপলক্ষে সজাগতা সভা, ৰেলী আৰু প্ৰতিযোগিতাৰ আয়োজন কৰে। ছাত্ৰ-ছাত্ৰীসকলে উৎসাহেৰে অংশগ্ৰহণ কৰি সংবিধানৰ বিষয়ে জ্ঞান আহৰণ কৰে। আয়োজকসকলে কয় যে সংবিধানখন কেৱল এখন আইনী নথি নহয়, ই দেশৰ জনসাধাৰণৰ আশা-আকাংক্ষাৰ প্ৰতিফলন। দিছপুৰ, ২৬ নৱেম্বৰঃ ৰাজ্য চৰকাৰে শিক্ষা ব্যৱস্থাৰ উন্নয়নৰ বাবে নতুন নীতি প্ৰণয়ন কৰিছে। বিদ্যালয়সমূহৰ মাচুল নিয়ন্ত্ৰণ, শিক্ষকৰ নিযুক্তি আৰু আন্তঃগাঁথনি উন্নয়নৰ ক্ষেত্ৰত বিভিন্ন পদক্ষেপ গ্ৰহণ কৰা হৈছে। অভিভাৱকসকলে চৰকাৰৰ এই সিদ্ধান্তক স্বাগতম জনাইছে।
শঙ্কুনাথ সিংৰ অপসাৰণৰ দাবীত
জিলাখনৰ বিভিন্ন প্ৰান্তত স্থানীয় প্ৰশাসনে এই উপলক্ষে সজাগতা সভা, ৰেলী আৰু প্ৰতিযোগিতাৰ আয়োজন কৰে। ছাত্ৰ-ছাত্ৰীসকলে উৎসাহেৰে অংশগ্ৰহণ কৰি সংবিধানৰ বিষয়ে জ্ঞান আহৰণ কৰে। আয়োজকসকলে কয় যে সংবিধানখন কেৱল এখন আইনী নথি নহয়, ই দেশৰ জনসাধাৰণৰ আশা-আকাংক্ষাৰ প্ৰতিফলন। গুৱাহাটী, ২৬ নৱেম্বৰঃ সমগ্ৰ দেশৰ লগতে অসমতো আজি সংবিধান দিৱস পালন কৰা হয়। দেশৰ সংবিধানৰ প্ৰস্তাৱনা পাঠ কৰি বিভিন্ন চৰকাৰী কাৰ্যালয়, শিক্ষানুষ্ঠান আৰু সামাজিক সংগঠনে এই দিৱসটো উদযাপন কৰে। সংবিধানৰ মূল্যবোধ, ন্যায়, স্বাধীনতা, সমতা আৰু ভ্ৰাতৃত্ববোধক সুৰক্ষিত কৰি ৰখাৰ শপত গ্ৰহণ কৰা হয়। বিশিষ্ট ব্যক্তিসকলে সংবিধান প্ৰণেতাসকলৰ অৱদান স্মৰণ কৰি শ্ৰদ্ধাঞ্জলি জ্ঞাপন কৰে আৰু নতুন প্ৰজন্মক সংবিধানৰ আদৰ্শ অনুসৰণ কৰিবলৈ আহ্বান জনায়। অনুষ্ঠানসমূহত বক্তাসকলে গণতন্ত্ৰৰ মূল ভেটি হিচাপে সংবিধানৰ গুৰুত্ব সম্পৰ্কে বিতংভাৱে আলোচনা কৰে আৰু নাগৰিকৰ কৰ্তব্যৰ কথা উল্লেখ কৰে। জিলাখনৰ বিভিন্ন প্ৰান্তত স্থানীয় প্ৰশাসনে এই উপলক্ষে সজাগতা সভা, ৰেলী আৰু প্ৰতিযোগিতাৰ আয়োজন কৰে। ছাত্ৰ-ছাত্ৰীসকলে উৎসাহেৰে অংশগ্ৰহণ কৰি সংবিধানৰ বিষয়ে জ্ঞান আহৰণ কৰে। আয়োজকসকলে কয় যে সংবিধানখন কেৱল এখন আইনী নথি নহয়, ই দেশৰ জনসাধাৰণৰ আশা-আকাংক্ষাৰ প্ৰতিফলন। নতুন দিল্লী, ২৬ নৱেম্বৰঃ আন্তঃৰাষ্ট্ৰীয় সম্পৰ্ক সুদৃঢ় কৰাৰ উদ্দেশ্যে বিভিন্ন দেশৰ নেতাৰ ভাৰত ভ্ৰমণৰ প্ৰস্তুতি চলিছে। দ্বিপাক্ষিক বাণিজ্য, প্ৰতিৰক্ষা আৰু প্ৰযুক্তিৰ ক্ষেত্ৰত সহযোগিতা বৃদ্ধিৰ বিষয়ে আলোচনা হোৱাৰ সম্ভাৱনা আছে। চৰকাৰী সূত্ৰৰ মতে ভ্ৰমণকালত কেইবাখনো গুৰুত্বপূৰ্ণ চুক্তিত স্বাক্ষৰ কৰা হ'ব। ইয়াৰ লগতে জলবায়ু পৰিৱৰ্তন, শক্তি সুৰক্ষা আৰু সন্ত্ৰাসবাদ প্ৰতিৰোধৰ দৰে বিষয়তো মতবিনিময় হ'ব।
বিদ্যালয়ত প্ৰধাৰ্থিৰ পৰিয়ান
দিছপুৰ, ২৬ নৱেম্বৰঃ ৰাজ্য চৰকাৰে শিক্ষা ব্যৱস্থাৰ উন্নয়নৰ বাবে নতুন নীতি প্ৰণয়ন কৰিছে। বিদ্যালয়সমূহৰ মাচুল নিয়ন্ত্ৰণ, শিক্ষকৰ নিযুক্তি আৰু আন্তঃগাঁথনি উন্নয়নৰ ক্ষেত্ৰত বিভিন্ন পদক্ষেপ গ্ৰহণ কৰা হৈছে। অভিভাৱকসকলে চৰকাৰৰ এই সিদ্ধান্তক স্বাগতম জনাইছে। গুৱাহাটী, ২৬ নৱেম্বৰঃ সমগ্ৰ দেশৰ লগতে অসমতো আজি সংবিধান দিৱস পালন কৰা হয়। দেশৰ সংবিধানৰ প্ৰস্তাৱনা পাঠ কৰি বিভিন্ন চৰকাৰী কাৰ্যালয়, শিক্ষানুষ্ঠান আৰু সামাজিক সংগঠনে এই দিৱসটো উদযাপন কৰে। সংবিধানৰ মূল্যবোধ, ন্যায়, স্বাধীনতা, সমতা আৰু ভ্ৰাতৃত্ববোধক সুৰক্ষিত কৰি ৰখাৰ শপত গ্ৰহণ কৰা হয়। বিশিষ্ট ব্যক্তিসকলে সংবিধান প্ৰণেতাসকলৰ অৱদান স্মৰণ কৰি শ্ৰদ্ধাঞ্জলি জ্ঞাপন কৰে আৰু নতুন প্ৰজন্মক সংবিধানৰ আদৰ্শ অনুসৰণ কৰিবলৈ আহ্বান জনায়। অনুষ্ঠানসমূহত বক্তাসকলে গণতন্ত্ৰৰ মূল ভেটি হিচাপে সংবিধানৰ গুৰুত্ব সম্পৰ্কে বিতংভাৱে আলোচনা কৰে আৰু নাগৰিকৰ কৰ্তব্যৰ কথা উল্লেখ কৰে। দিছপুৰ, ২৬ নৱেম্বৰঃ ৰাজ্য চৰকাৰে শিক্ষা ব্যৱস্থাৰ উন্নয়নৰ বাবে নতুন নীতি প্ৰণয়ন কৰিছে। বিদ্যালয়সমূহৰ মাচুল নিয়ন্ত্ৰণ, শিক্ষকৰ নিযুক্তি আৰু আন্তঃগাঁথনি উন্নয়নৰ ক্ষেত্ৰত বিভিন্ন পদক্ষেপ গ্ৰহণ কৰা হৈছে। অভিভাৱকসকলে চৰকাৰৰ এই সিদ্ধান্তক স্বাগতম জনাইছে।
